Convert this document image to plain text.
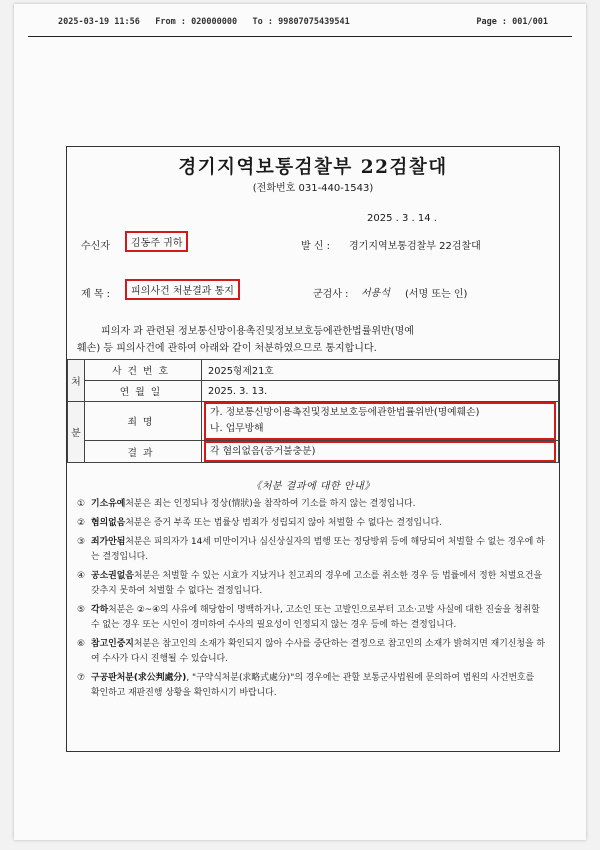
2025-03-19 11:56 From : 020000000 To : 99807075439541	Page : 001/001
경기지역보통검찰부 22검찰대
(전화번호 031-440-1543)
2025 . 3 . 14 .
수신자	김동주 귀하	발 신 : 경기지역보통검찰부 22검찰대
제 목 :	피의사건 처분결과 통지	군검사 : 서용석 (서명 또는 인)
피의자 과 관련된 정보통신망이용촉진및정보보호등에관한법률위반(명예
훼손) 등 피의사건에 관하여 아래와 같이 처분하였으므로 통지합니다.
처	사건번호	2025형제21호
	연월일	2025. 3. 13.
분	죄명	가. 정보통신망이용촉진및정보보호등에관한법률위반(명예훼손)
나. 업무방해

	결과	각 혐의없음(증거불충분)
《처분 결과에 대한 안내》
① 기소유예처분은 죄는 인정되나 정상(情狀)을 참작하여 기소를 하지 않는 결정입니다.
② 혐의없음처분은 증거 부족 또는 법률상 범죄가 성립되지 않아 처벌할 수 없다는 결정입니다.
③ 죄가안됨처분은 피의자가 14세 미만이거나 심신상실자의 범행 또는 정당방위 등에 해당되어 처벌할 수 없는 경우에 하는 결정입니다.
④ 공소권없음처분은 처벌할 수 있는 시효가 지났거나 친고죄의 경우에 고소를 취소한 경우 등 법률에서 정한 처벌요건을 갖추지 못하여 처벌할 수 없다는 결정입니다.
⑤ 각하처분은 ②~④의 사유에 해당함이 명백하거나, 고소인 또는 고발인으로부터 고소·고발 사실에 대한 진술을 청취할 수 없는 경우 또는 시인이 경미하여 수사의 필요성이 인정되지 않는 경우 등에 하는 결정입니다.
⑥ 참고인중지처분은 참고인의 소재가 확인되지 않아 수사를 중단하는 결정으로 참고인의 소재가 밝혀지면 재기신청을 하여 수사가 다시 진행될 수 있습니다.
⑦ 구공판처분(求公判處分), "구약식처분(求略式處分)"의 경우에는 관할 보통군사법원에 문의하여 법원의 사건번호를 확인하고 재판진행 상황을 확인하시기 바랍니다.
